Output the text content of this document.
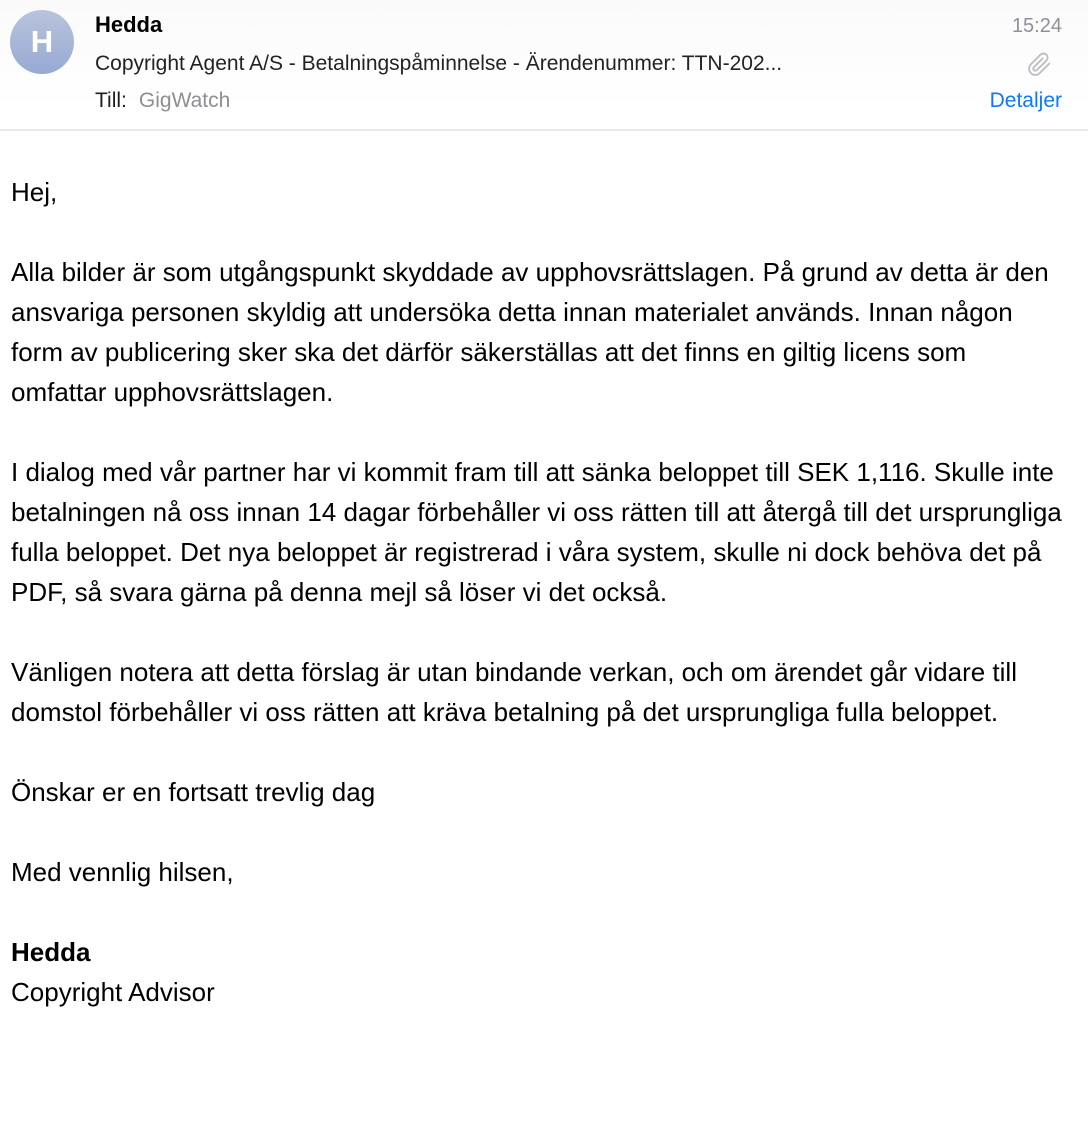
H Hedda	15:24
Copyright Agent A/S - Betalningspåminnelse - Ärendenummer: TTN-202...
Till: GigWatch	Detaljer

Hej,

Alla bilder är som utgångspunkt skyddade av upphovsrättslagen. På grund av detta är den ansvariga personen skyldig att undersöka detta innan materialet används. Innan någon form av publicering sker ska det därför säkerställas att det finns en giltig licens som omfattar upphovsrättslagen.

I dialog med vår partner har vi kommit fram till att sänka beloppet till SEK 1,116. Skulle inte betalningen nå oss innan 14 dagar förbehåller vi oss rätten till att återgå till det ursprungliga fulla beloppet. Det nya beloppet är registrerad i våra system, skulle ni dock behöva det på PDF, så svara gärna på denna mejl så löser vi det också.

Vänligen notera att detta förslag är utan bindande verkan, och om ärendet går vidare till domstol förbehåller vi oss rätten att kräva betalning på det ursprungliga fulla beloppet.

Önskar er en fortsatt trevlig dag

Med vennlig hilsen,

Hedda
Copyright Advisor
